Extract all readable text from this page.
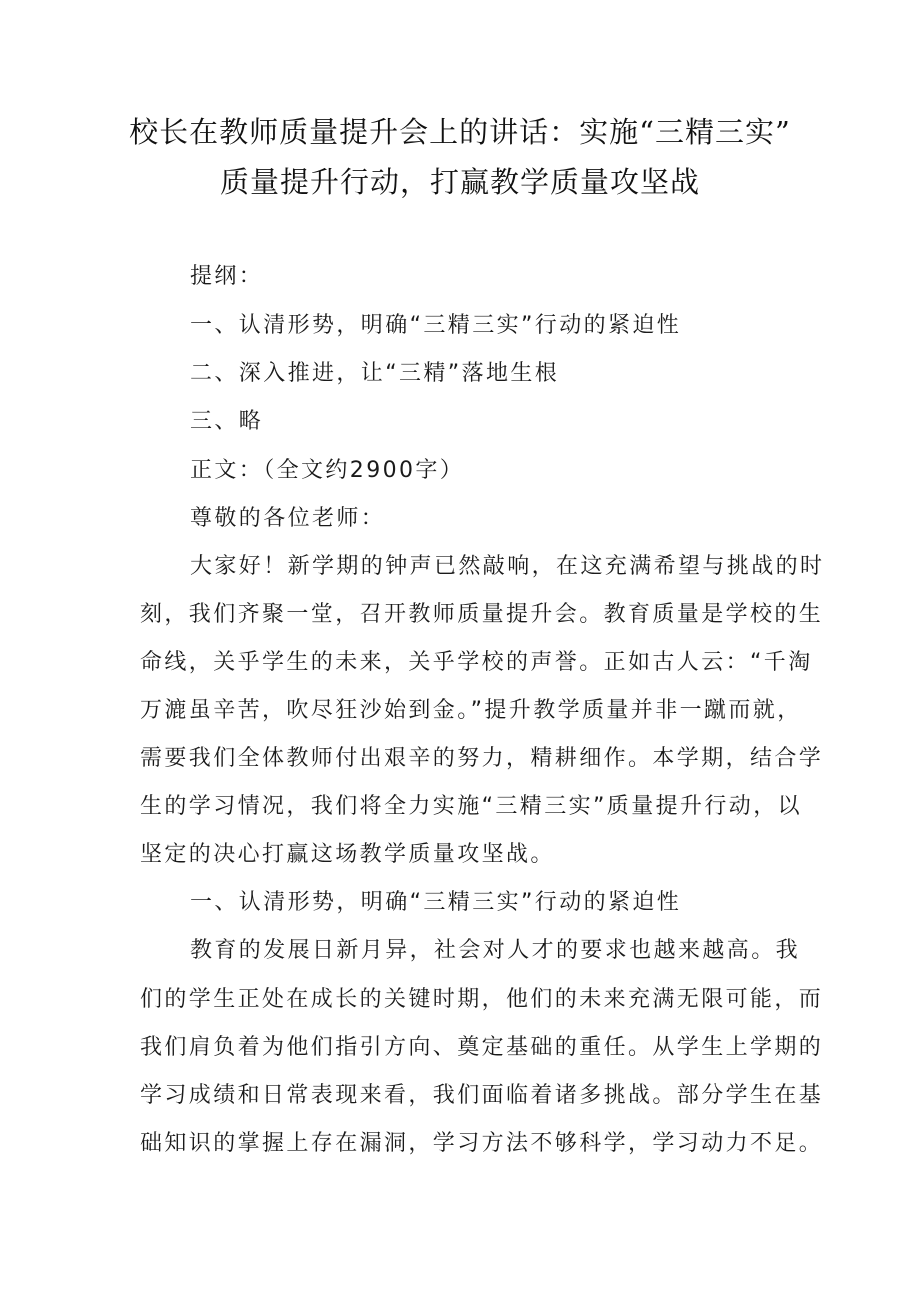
校长在教师质量提升会上的讲话：实施“三精三实”
质量提升行动，打赢教学质量攻坚战
提纲：
一、认清形势，明确“三精三实”行动的紧迫性
二、深入推进，让“三精”落地生根
三、略
正文：（全文约2900字）
尊敬的各位老师：
大家好！新学期的钟声已然敲响，在这充满希望与挑战的时
刻，我们齐聚一堂，召开教师质量提升会。教育质量是学校的生
命线，关乎学生的未来，关乎学校的声誉。正如古人云：“千淘
万漉虽辛苦，吹尽狂沙始到金。”提升教学质量并非一蹴而就，
需要我们全体教师付出艰辛的努力，精耕细作。本学期，结合学
生的学习情况，我们将全力实施“三精三实”质量提升行动，以
坚定的决心打赢这场教学质量攻坚战。
一、认清形势，明确“三精三实”行动的紧迫性
教育的发展日新月异，社会对人才的要求也越来越高。我
们的学生正处在成长的关键时期，他们的未来充满无限可能，而
我们肩负着为他们指引方向、奠定基础的重任。从学生上学期的
学习成绩和日常表现来看，我们面临着诸多挑战。部分学生在基
础知识的掌握上存在漏洞，学习方法不够科学，学习动力不足。
